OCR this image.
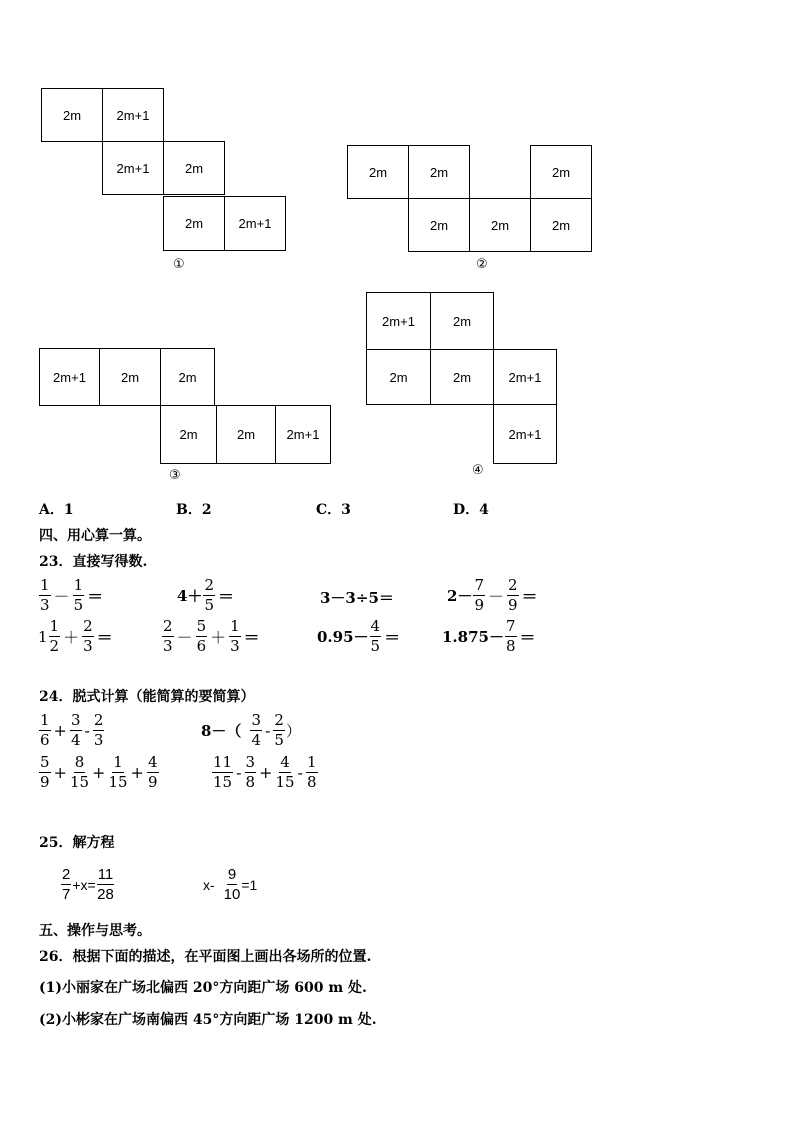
2m	2m+1
2m+1	2m
2m	2m+1
①
2m	2m	2m
2m	2m	2m
②
2m+1	2m	2m
2m	2m	2m+1
③
2m+1	2m
2m	2m	2m+1
2m+1
④
A．1	B．2	C．3	D．4
四、用心算一算。
23．直接写得数.
$\frac{1}{3} - \frac{1}{5}$ ＝	$4+ \frac{2}{5}$ ＝	3－3÷5＝	$2- \frac{7}{9} - \frac{2}{9}$ ＝
$1 \frac{1}{2} + \frac{2}{3}$ ＝	$\frac{2}{3} - \frac{5}{6} + \frac{1}{3}$ ＝	$0.95- \frac{4}{5}$ ＝	$1.875- \frac{7}{8}$ ＝
24．脱式计算（能简算的要简算）
$\frac{1}{6} + \frac{3}{4} - \frac{2}{3}$	$8-( \frac{3}{4} - \frac{2}{5}$ ）
$\frac{5}{9} + \frac{8}{15} + \frac{1}{15} + \frac{4}{9}$	$\frac{11}{15} - \frac{3}{8} + \frac{4}{15} - \frac{1}{8}$
25．解方程
$\frac{2}{7} +x= \frac{11}{28}$	$x- \frac{9}{10} =1$
五、操作与思考。
26．根据下面的描述，在平面图上画出各场所的位置.
(1)小丽家在广场北偏西 20°方向距广场 600 m 处.
(2)小彬家在广场南偏西 45°方向距广场 1200 m 处.
